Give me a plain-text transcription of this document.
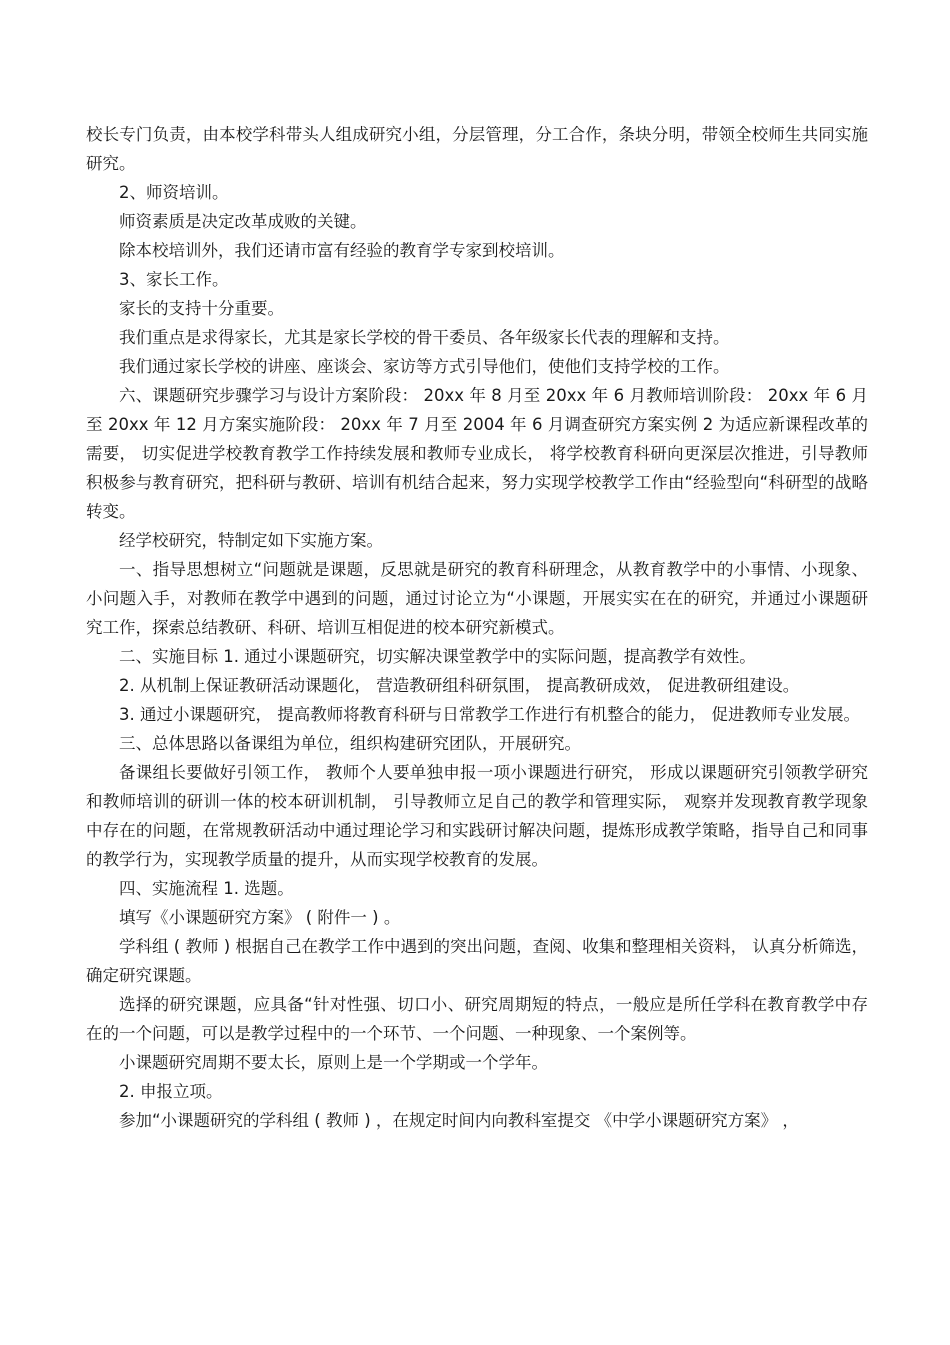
校长专门负责，由本校学科带头人组成研究小组，分层管理，分工合作，条块分明，带领全校师生共同实施研究。

2、师资培训。

师资素质是决定改革成败的关键。

除本校培训外，我们还请市富有经验的教育学专家到校培训。

3、家长工作。

家长的支持十分重要。

我们重点是求得家长，尤其是家长学校的骨干委员、各年级家长代表的理解和支持。

我们通过家长学校的讲座、座谈会、家访等方式引导他们，使他们支持学校的工作。

六、课题研究步骤学习与设计方案阶段： 20xx 年 8 月至 20xx 年 6 月教师培训阶段： 20xx 年 6 月至 20xx 年 12 月方案实施阶段： 20xx 年 7 月至 2004 年 6 月调查研究方案实例 2 为适应新课程改革的需要， 切实促进学校教育教学工作持续发展和教师专业成长， 将学校教育科研向更深层次推进，引导教师积极参与教育研究，把科研与教研、培训有机结合起来，努力实现学校教学工作由“经验型向“科研型的战略转变。

经学校研究，特制定如下实施方案。

一、指导思想树立“问题就是课题，反思就是研究的教育科研理念，从教育教学中的小事情、小现象、小问题入手，对教师在教学中遇到的问题，通过讨论立为“小课题，开展实实在在的研究，并通过小课题研究工作，探索总结教研、科研、培训互相促进的校本研究新模式。

二、实施目标 1. 通过小课题研究，切实解决课堂教学中的实际问题，提高教学有效性。

2. 从机制上保证教研活动课题化， 营造教研组科研氛围， 提高教研成效， 促进教研组建设。

3. 通过小课题研究， 提高教师将教育科研与日常教学工作进行有机整合的能力， 促进教师专业发展。

三、总体思路以备课组为单位，组织构建研究团队，开展研究。

备课组长要做好引领工作， 教师个人要单独申报一项小课题进行研究， 形成以课题研究引领教学研究和教师培训的研训一体的校本研训机制， 引导教师立足自己的教学和管理实际， 观察并发现教育教学现象中存在的问题，在常规教研活动中通过理论学习和实践研讨解决问题，提炼形成教学策略，指导自己和同事的教学行为，实现教学质量的提升，从而实现学校教育的发展。

四、实施流程 1. 选题。

填写《小课题研究方案》 ( 附件一 ) 。

学科组 ( 教师 ) 根据自己在教学工作中遇到的突出问题，查阅、收集和整理相关资料， 认真分析筛选，确定研究课题。

选择的研究课题，应具备“针对性强、切口小、研究周期短的特点，一般应是所任学科在教育教学中存在的一个问题，可以是教学过程中的一个环节、一个问题、一种现象、一个案例等。

小课题研究周期不要太长，原则上是一个学期或一个学年。

2. 申报立项。

参加“小课题研究的学科组 ( 教师 ) ，在规定时间内向教科室提交 《中学小课题研究方案》 ，
